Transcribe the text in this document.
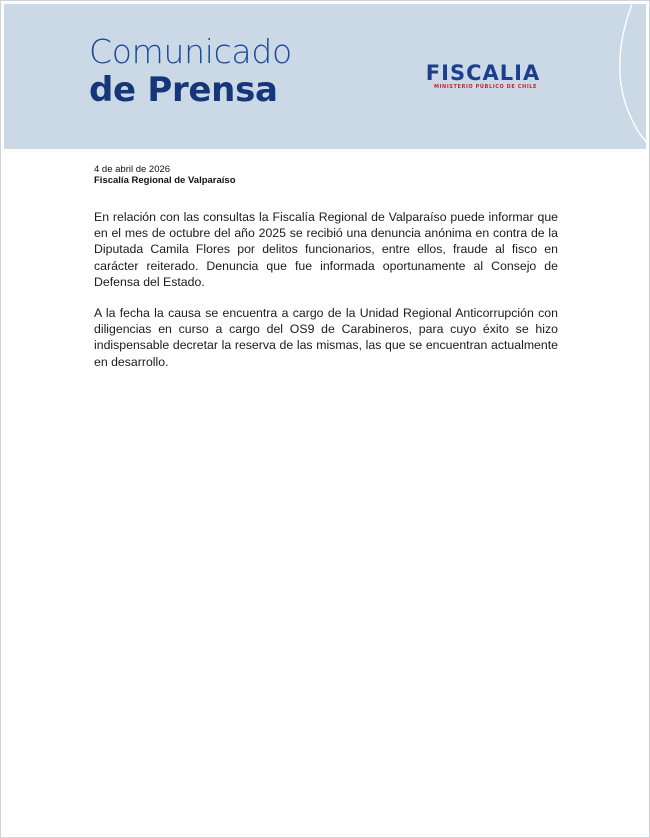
Comunicado
de Prensa	FISCALIA
MINISTERIO PÚBLICO DE CHILE
4 de abril de 2026
Fiscalía Regional de Valparaíso

En relación con las consultas la Fiscalía Regional de Valparaíso puede informar que en el mes de octubre del año 2025 se recibió una denuncia anónima en contra de la Diputada Camila Flores por delitos funcionarios, entre ellos, fraude al fisco en carácter reiterado. Denuncia que fue informada oportunamente al Consejo de Defensa del Estado.

A la fecha la causa se encuentra a cargo de la Unidad Regional Anticorrupción con diligencias en curso a cargo del OS9 de Carabineros, para cuyo éxito se hizo indispensable decretar la reserva de las mismas, las que se encuentran actualmente en desarrollo.
